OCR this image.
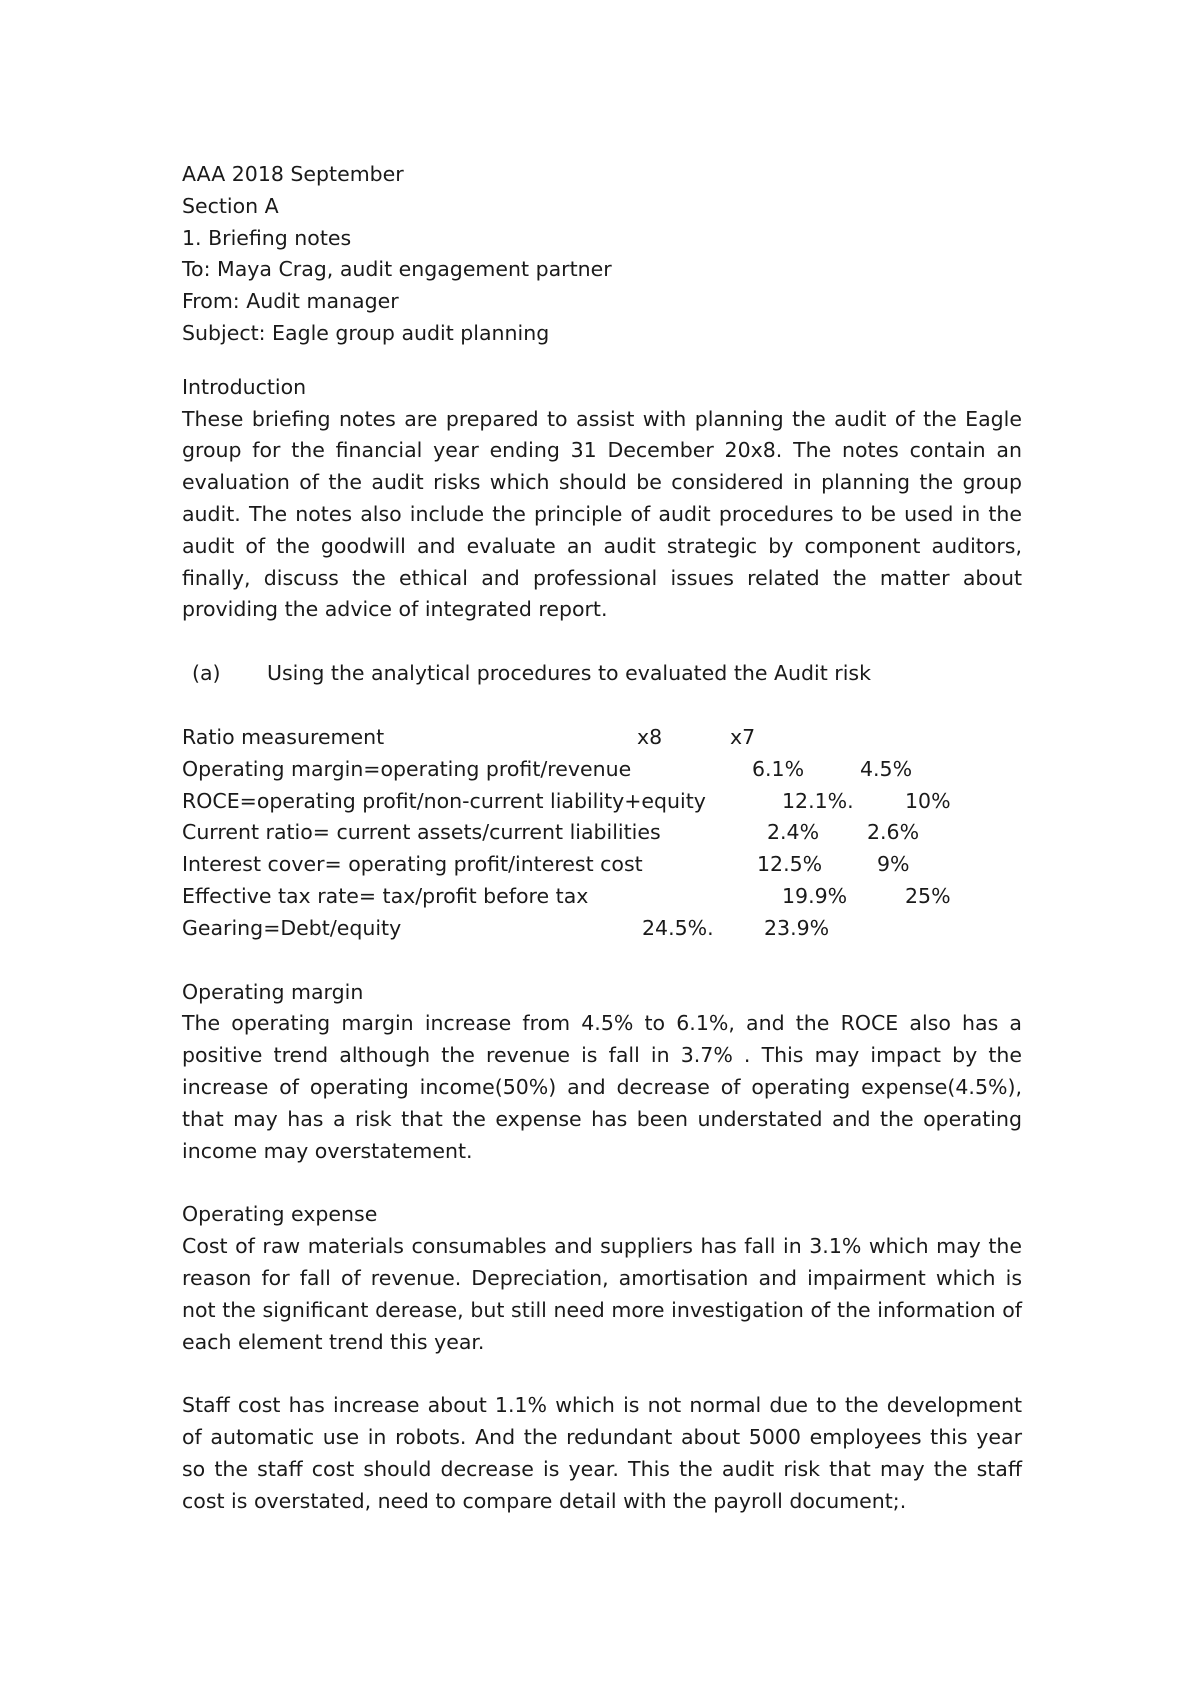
AAA 2018 September
Section A
1. Briefing notes
To: Maya Crag, audit engagement partner
From: Audit manager
Subject: Eagle group audit planning
Introduction
These briefing notes are prepared to assist with planning the audit of the Eagle group for the financial year ending 31 December 20x8. The notes contain an evaluation of the audit risks which should be considered in planning the group audit. The notes also include the principle of audit procedures to be used in the audit of the goodwill and evaluate an audit strategic by component auditors, finally, discuss the ethical and professional issues related the matter about providing the advice of integrated report.
(a)	Using the analytical procedures to evaluated the Audit risk
Ratio measurement	x8	x7
Operating margin=operating profit/revenue	6.1%	4.5%
ROCE=operating profit/non-current liability+equity	12.1%.	10%
Current ratio= current assets/current liabilities	2.4% 2.6%
Interest cover= operating profit/interest cost	12.5%	9%
Effective tax rate= tax/profit before tax	19.9%	25%
Gearing=Debt/equity	24.5%. 23.9%
Operating margin
The operating margin increase from 4.5% to 6.1%, and the ROCE also has a positive trend although the revenue is fall in 3.7% . This may impact by the increase of operating income(50%) and decrease of operating expense(4.5%), that may has a risk that the expense has been understated and the operating income may overstatement.
Operating expense
Cost of raw materials consumables and suppliers has fall in 3.1% which may the reason for fall of revenue. Depreciation, amortisation and impairment which is not the significant derease, but still need more investigation of the information of each element trend this year.
Staff cost has increase about 1.1% which is not normal due to the development of automatic use in robots. And the redundant about 5000 employees this year so the staff cost should decrease is year. This the audit risk that may the staff cost is overstated, need to compare detail with the payroll document;.
